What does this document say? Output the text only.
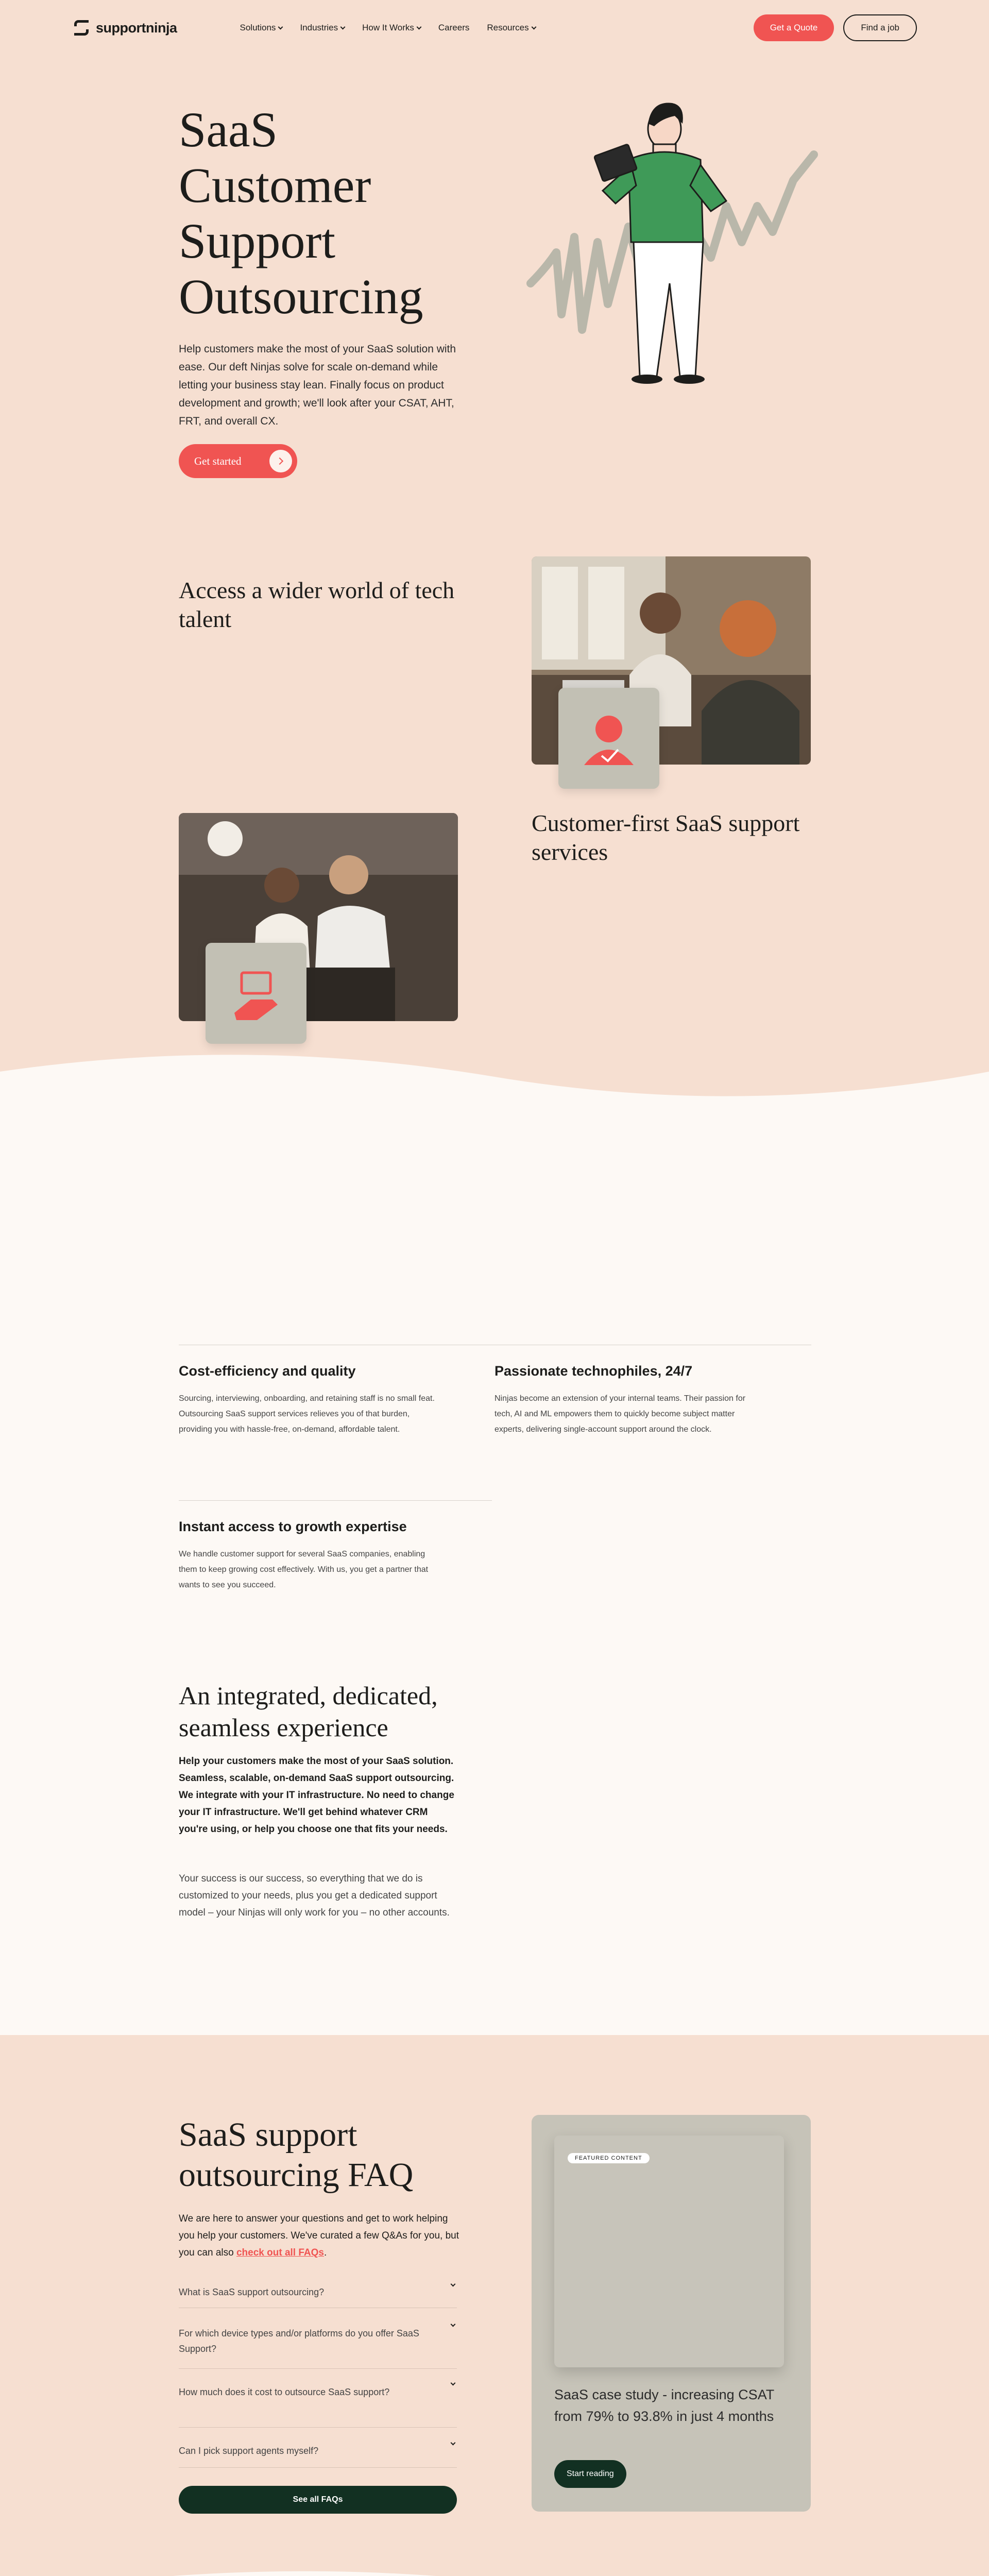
supportninja	Solutions	Industries	How It Works	Careers Resources	Get a Quote	Find a job
SaaS Customer Support Outsourcing

Help customers make the most of your SaaS solution with ease. Our deft Ninjas solve for scale on-demand while letting your business stay lean. Finally focus on product development and growth; we'll look after your CSAT, AHT, FRT, and overall CX.

Get started
Access a wider world of tech talent
Customer-first SaaS support services
Cost-efficiency and quality

Sourcing, interviewing, onboarding, and retaining staff is no small feat. Outsourcing SaaS support services relieves you of that burden, providing you with hassle-free, on-demand, affordable talent.

Passionate technophiles, 24/7

Ninjas become an extension of your internal teams. Their passion for tech, AI and ML empowers them to quickly become subject matter experts, delivering single-account support around the clock.

Instant access to growth expertise

We handle customer support for several SaaS companies, enabling them to keep growing cost effectively. With us, you get a partner that wants to see you succeed.

An integrated, dedicated, seamless experience

Help your customers make the most of your SaaS solution. Seamless, scalable, on-demand SaaS support outsourcing. We integrate with your IT infrastructure. No need to change your IT infrastructure. We'll get behind whatever CRM you're using, or help you choose one that fits your needs.

Your success is our success, so everything that we do is customized to your needs, plus you get a dedicated support model – your Ninjas will only work for you – no other accounts.

SaaS support outsourcing FAQ

We are here to answer your questions and get to work helping you help your customers. We've curated a few Q&As for you, but you can also check out all FAQs.

What is SaaS support outsourcing?
For which device types and/or platforms do you offer SaaS Support?
How much does it cost to outsource SaaS support?
Can I pick support agents myself?
See all FAQs
FEATURED CONTENT

SaaS case study - increasing CSAT from 79% to 93.8% in just 4 months

Start reading
